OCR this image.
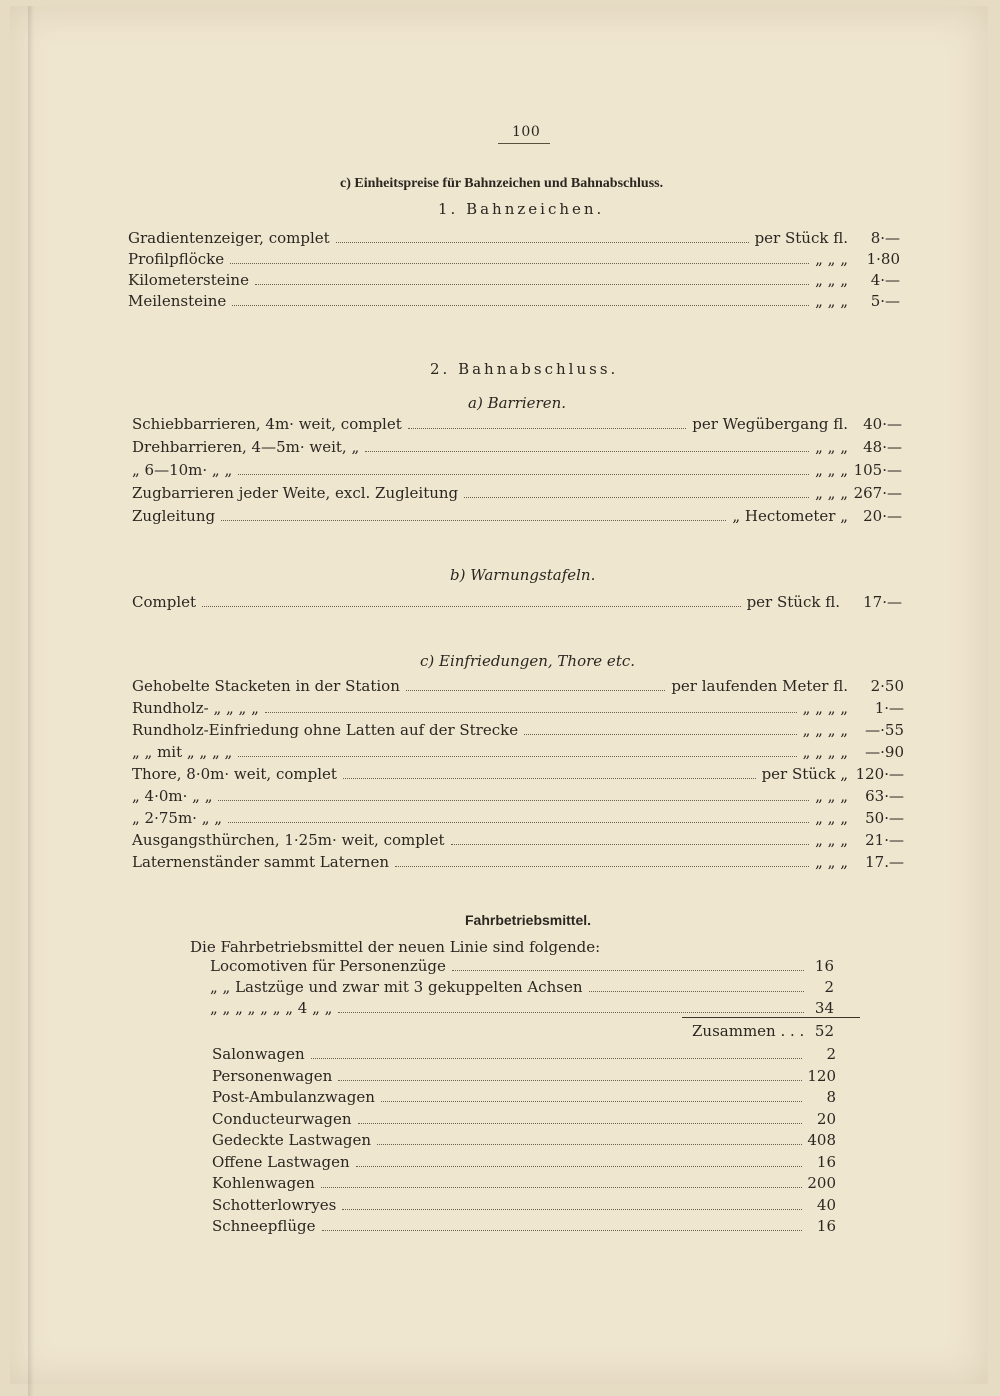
100
c) Einheitspreise für Bahnzeichen und Bahnabschluss.
1. Bahnzeichen.
Gradientenzeiger, complet	per Stück fl. 8·—
Profilpflöcke	„ „ „ 1·80
Kilometersteine	„ „ „ 4·—
Meilensteine	„ „ „ 5·—
2. Bahnabschluss.
a) Barrieren.
Schiebbarrieren, 4m· weit, complet	per Wegübergang fl. 40·—
Drehbarrieren, 4—5m· weit, „	„ „ „ 48·—
„ 6—10m· „ „	„ „ „ 105·—
Zugbarrieren jeder Weite, excl. Zugleitung	„ „ „ 267·—
Zugleitung	„ Hectometer „ 20·—
b) Warnungstafeln.
Complet	per Stück fl. 17·—
c) Einfriedungen, Thore etc.
Gehobelte Stacketen in der Station	per laufenden Meter fl. 2·50
Rundholz- „ „ „ „	„ „ „ „ 1·—
Rundholz-Einfriedung ohne Latten auf der Strecke	„ „ „ „ —·55
„ „ mit „ „ „ „	„ „ „ „ —·90
Thore, 8·0m· weit, complet	per Stück „ 120·—
„ 4·0m· „ „	„ „ „ 63·—
„ 2·75m· „ „	„ „ „ 50·—
Ausgangsthürchen, 1·25m· weit, complet	„ „ „ 21·—
Laternenständer sammt Laternen	„ „ „ 17.—
Fahrbetriebsmittel.
Die Fahrbetriebsmittel der neuen Linie sind folgende:
Locomotiven für Personenzüge	16
„ „ Lastzüge und zwar mit 3 gekuppelten Achsen	2
„ „ „ „ „ „ „ 4 „ „	34
Zusammen . . . 52
Salonwagen	2
Personenwagen	120
Post-Ambulanzwagen	8
Conducteurwagen	20
Gedeckte Lastwagen	408
Offene Lastwagen	16
Kohlenwagen	200
Schotterlowryes	40
Schneepflüge	16
